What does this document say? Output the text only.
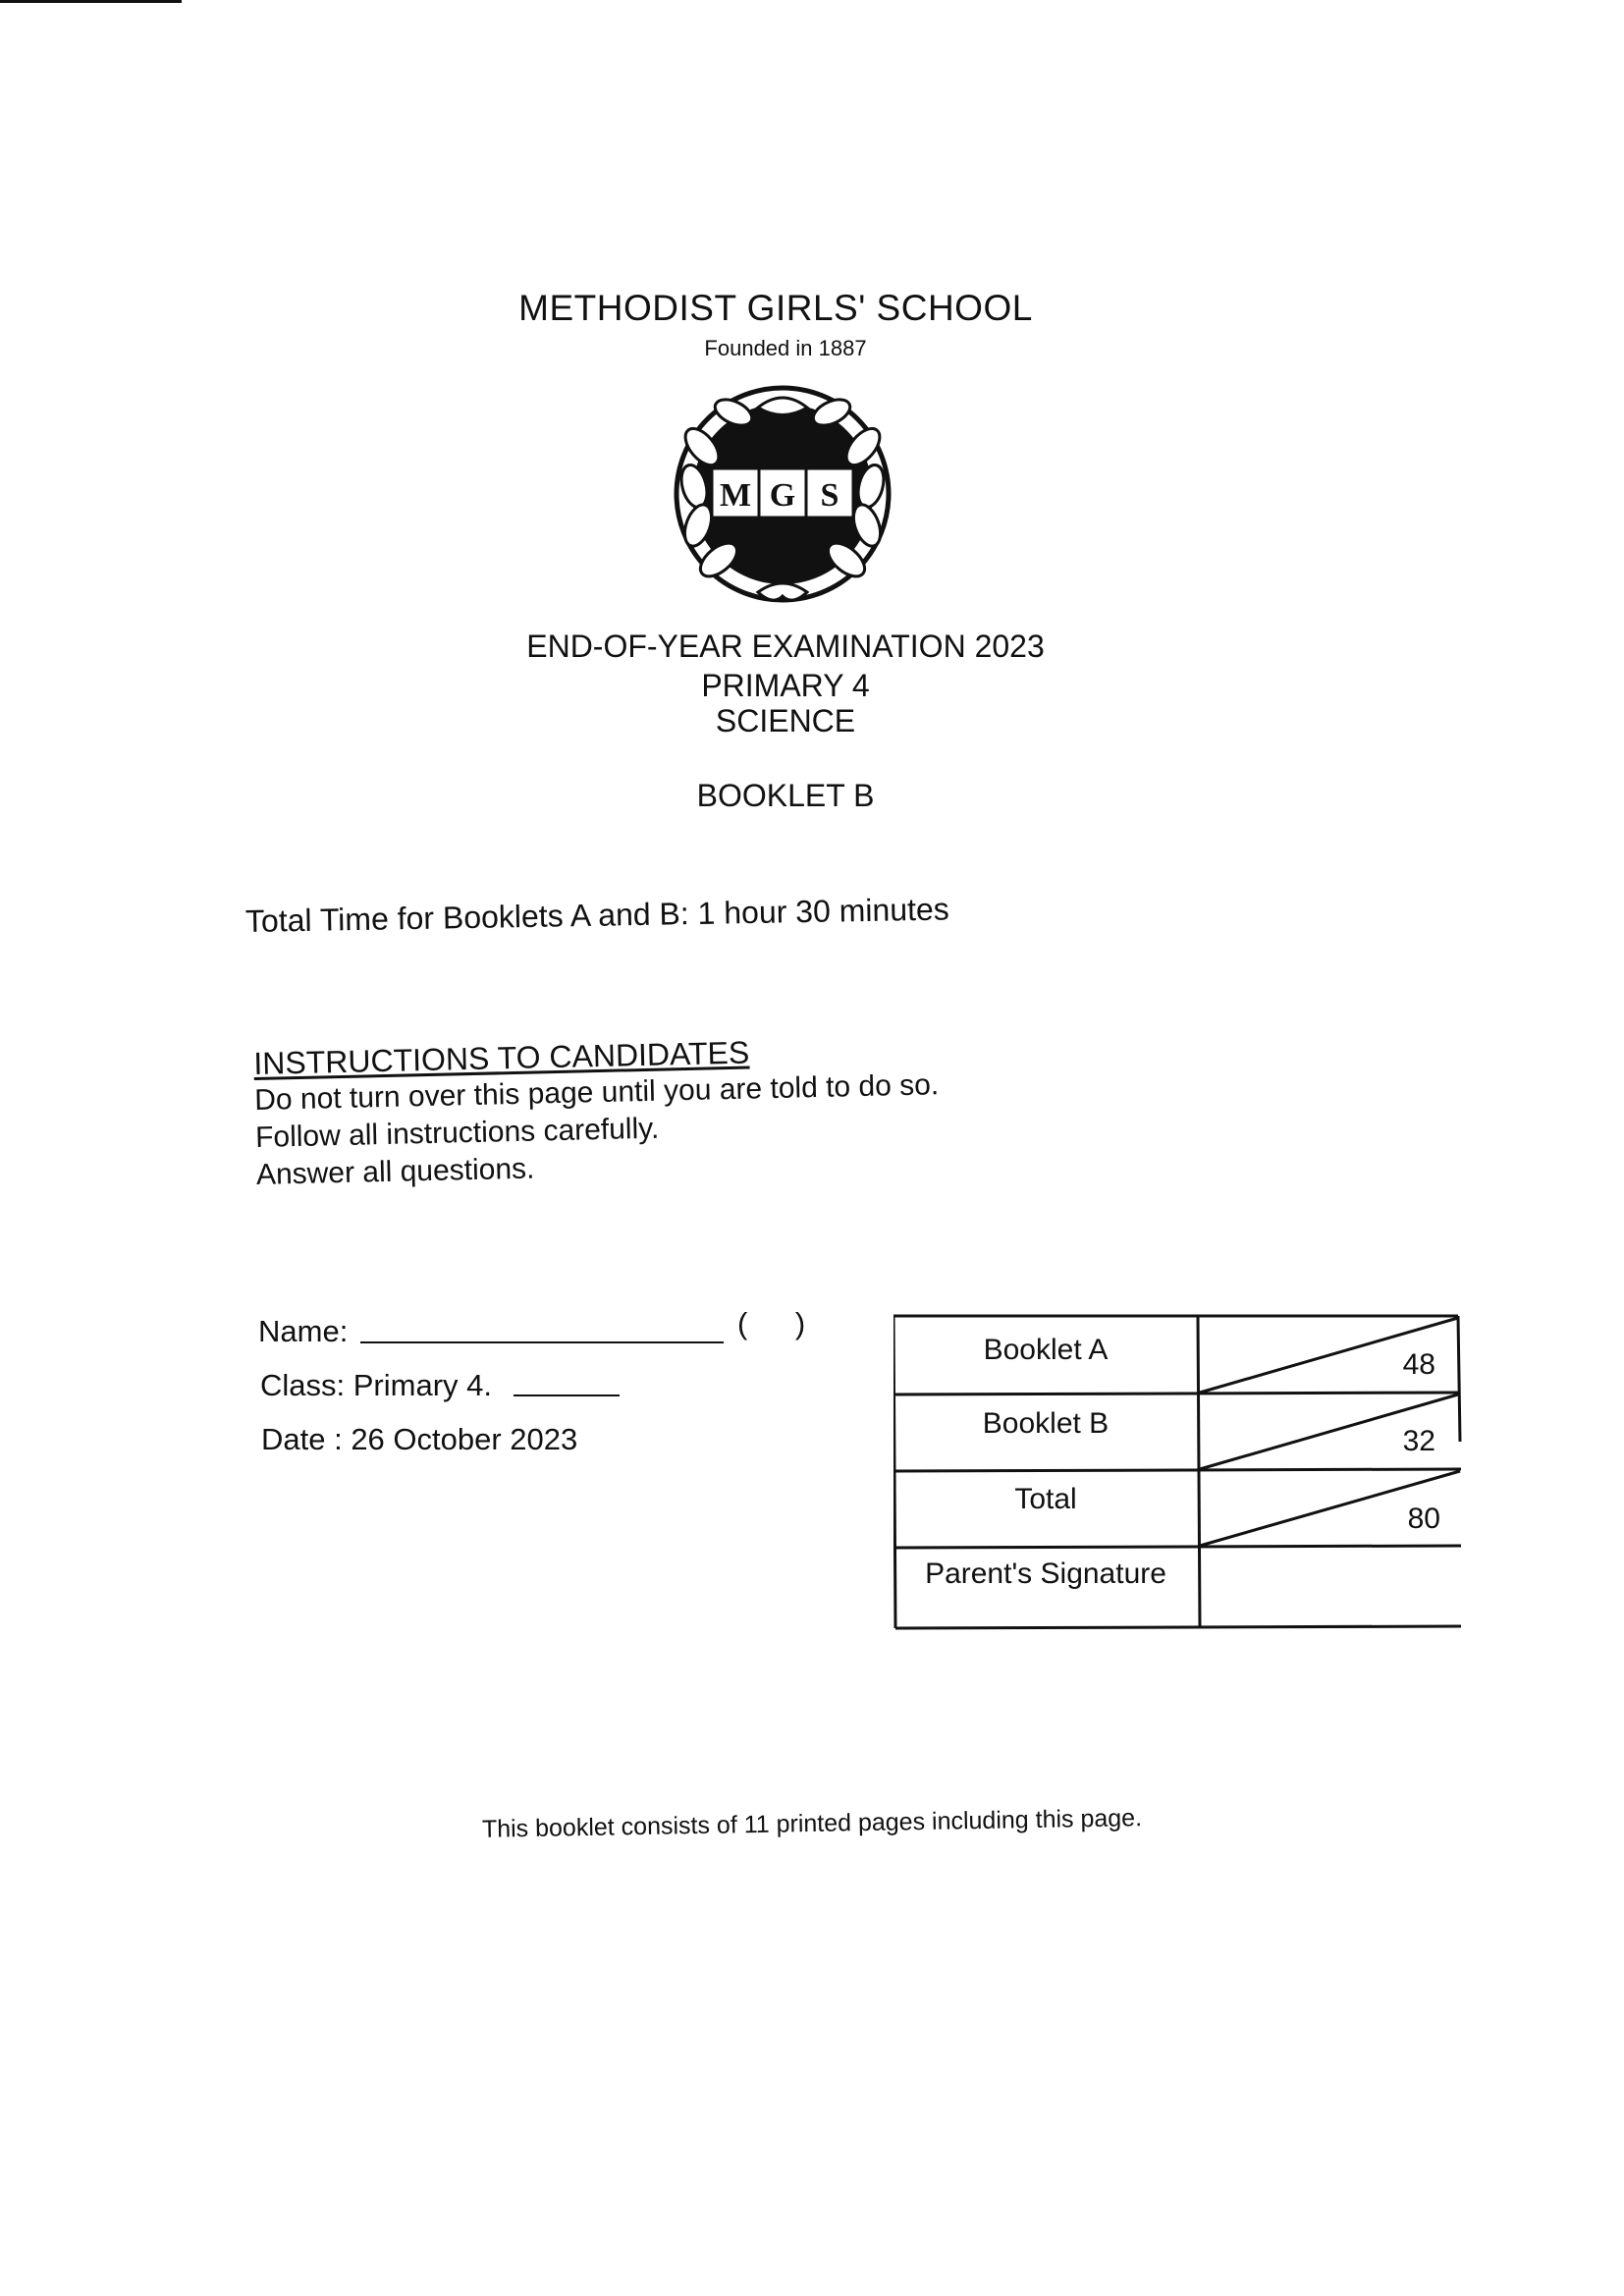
METHODIST GIRLS' SCHOOL
Founded in 1887
M G S
END-OF-YEAR EXAMINATION 2023
PRIMARY 4
SCIENCE
BOOKLET B
Total Time for Booklets A and B: 1 hour 30 minutes
INSTRUCTIONS TO CANDIDATES
Do not turn over this page until you are told to do so.
Follow all instructions carefully.
Answer all questions.
Name:	( )
Class: Primary 4.
Date : 26 October 2023
Booklet A	48
Booklet B
32
Total
80
Parent's Signature
This booklet consists of 11 printed pages including this page.
